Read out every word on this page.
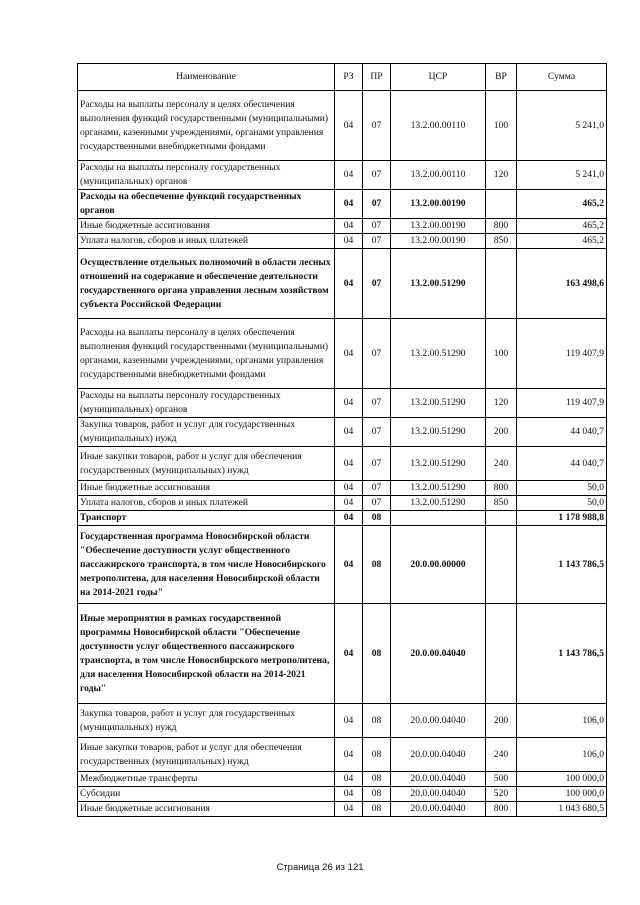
Наименование	РЗ	ПР	ЦСР	ВР	Сумма
Расходы на выплаты персоналу в целях обеспечения выполнения функций государственными (муниципальными) органами, казенными учреждениями, органами управления государственными внебюджетными фондами	04	07	13.2.00.00110	100	5 241,0
Расходы на выплаты персоналу государственных (муниципальных) органов	04	07	13.2.00.00110	120	5 241,0
Расходы на обеспечение функций государственных органов	04	07	13.2.00.00190		465,2
Иные бюджетные ассигнования	04	07	13.2.00.00190	800	465,2
Уплата налогов, сборов и иных платежей	04	07	13.2.00.00190	850	465,2
Осуществление отдельных полномочий в области лесных отношений на содержание и обеспечение деятельности государственного органа управления лесным хозяйством субъекта Российской Федерации	04	07	13.2.00.51290		163 498,6
Расходы на выплаты персоналу в целях обеспечения выполнения функций государственными (муниципальными) органами, казенными учреждениями, органами управления государственными внебюджетными фондами	04	07	13.2.00.51290	100	119 407,9
Расходы на выплаты персоналу государственных (муниципальных) органов	04	07	13.2.00.51290	120	119 407,9
Закупка товаров, работ и услуг для государственных (муниципальных) нужд	04	07	13.2.00.51290	200	44 040,7
Иные закупки товаров, работ и услуг для обеспечения государственных (муниципальных) нужд	04	07	13.2.00.51290	240	44 040,7
Иные бюджетные ассигнования	04	07	13.2.00.51290	800	50,0
Уплата налогов, сборов и иных платежей	04	07	13.2.00.51290	850	50,0
Транспорт	04	08			1 178 988,8
Государственная программа Новосибирской области "Обеспечение доступности услуг общественного пассажирского транспорта, в том числе Новосибирского метрополитена, для населения Новосибирской области на 2014-2021 годы"	04	08	20.0.00.00000		1 143 786,5
Иные мероприятия в рамках государственной программы Новосибирской области "Обеспечение доступности услуг общественного пассажирского транспорта, в том числе Новосибирского метрополитена, для населения Новосибирской области на 2014-2021 годы"	04	08	20.0.00.04040		1 143 786,5
Закупка товаров, работ и услуг для государственных (муниципальных) нужд	04	08	20.0.00.04040	200	106,0
Иные закупки товаров, работ и услуг для обеспечения государственных (муниципальных) нужд	04	08	20.0.00.04040	240	106,0
Межбюджетные трансферты	04	08	20.0.00.04040	500	100 000,0
Субсидии	04	08	20.0.00.04040	520	100 000,0
Иные бюджетные ассигнования	04	08	20.0.00.04040	800	1 043 680,5
Страница 26 из 121
